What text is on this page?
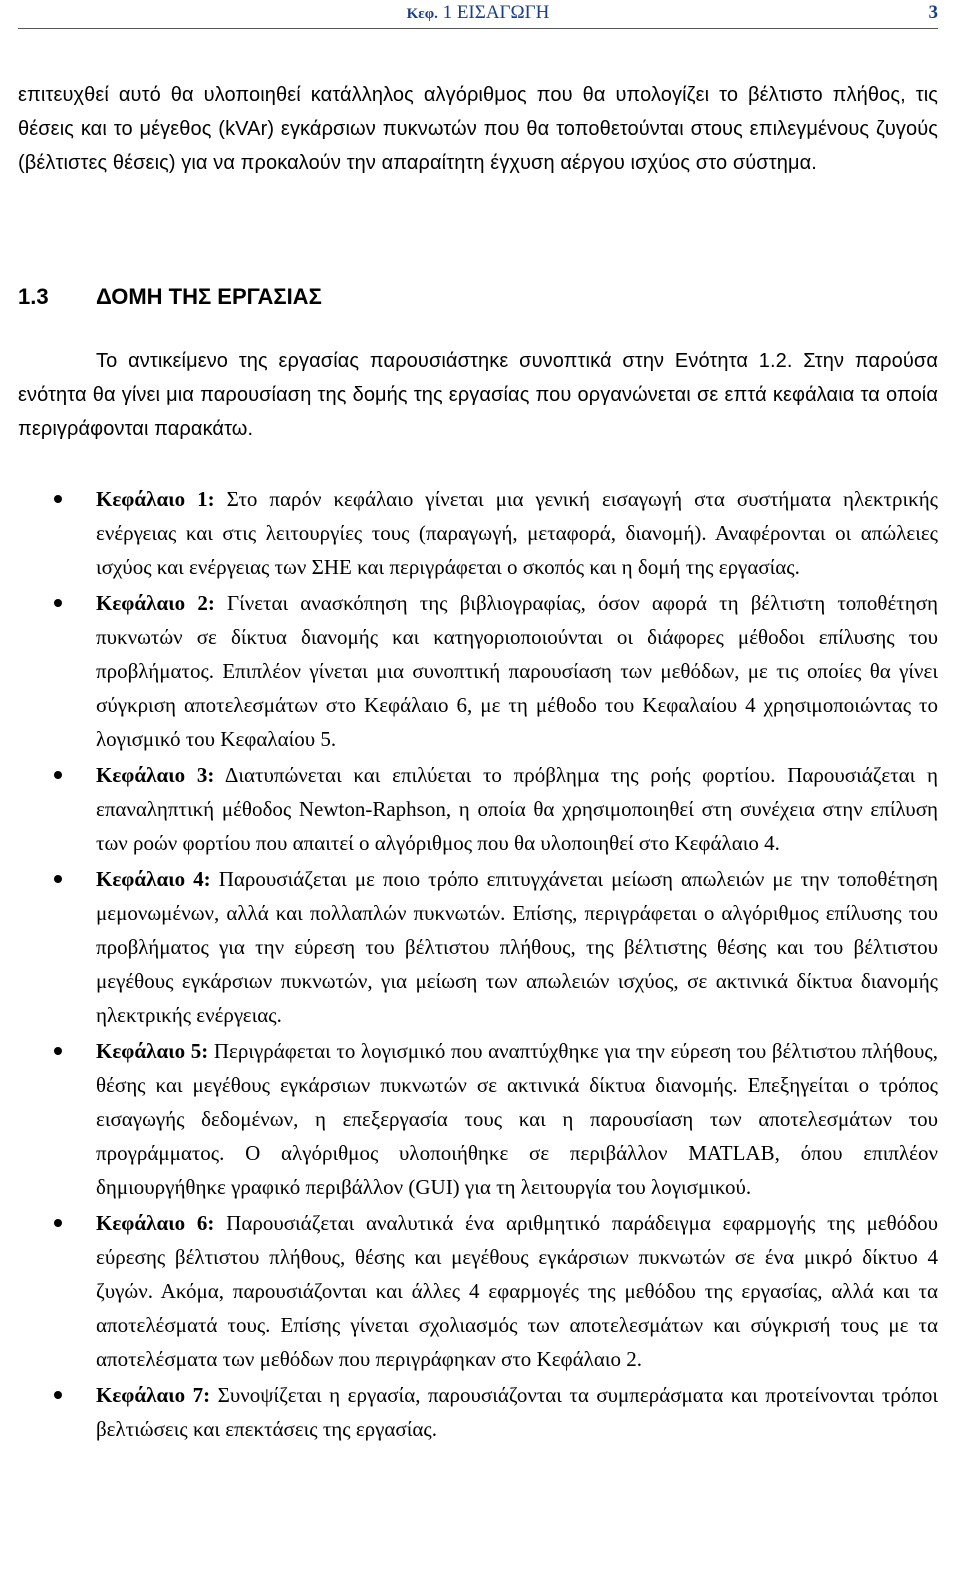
Κεφ. 1 ΕΙΣΑΓΩΓΗ	3

επιτευχθεί αυτό θα υλοποιηθεί κατάλληλος αλγόριθμος που θα υπολογίζει το βέλτιστο πλήθος, τις θέσεις και το μέγεθος (kVAr) εγκάρσιων πυκνωτών που θα τοποθετούνται στους επιλεγμένους ζυγούς (βέλτιστες θέσεις) για να προκαλούν την απαραίτητη έγχυση αέργου ισχύος στο σύστημα.

1.3 ΔΟΜΗ ΤΗΣ ΕΡΓΑΣΙΑΣ

Το αντικείμενο της εργασίας παρουσιάστηκε συνοπτικά στην Ενότητα 1.2. Στην παρούσα ενότητα θα γίνει μια παρουσίαση της δομής της εργασίας που οργανώνεται σε επτά κεφάλαια τα οποία περιγράφονται παρακάτω.

Κεφάλαιο 1: Στο παρόν κεφάλαιο γίνεται μια γενική εισαγωγή στα συστήματα ηλεκτρικής ενέργειας και στις λειτουργίες τους (παραγωγή, μεταφορά, διανομή). Αναφέρονται οι απώλειες ισχύος και ενέργειας των ΣΗΕ και περιγράφεται ο σκοπός και η δομή της εργασίας.
Κεφάλαιο 2: Γίνεται ανασκόπηση της βιβλιογραφίας, όσον αφορά τη βέλτιστη τοποθέτηση πυκνωτών σε δίκτυα διανομής και κατηγοριοποιούνται οι διάφορες μέθοδοι επίλυσης του προβλήματος. Επιπλέον γίνεται μια συνοπτική παρουσίαση των μεθόδων, με τις οποίες θα γίνει σύγκριση αποτελεσμάτων στο Κεφάλαιο 6, με τη μέθοδο του Κεφαλαίου 4 χρησιμοποιώντας το λογισμικό του Κεφαλαίου 5.
Κεφάλαιο 3: Διατυπώνεται και επιλύεται το πρόβλημα της ροής φορτίου. Παρουσιάζεται η επαναληπτική μέθοδος Newton-Raphson, η οποία θα χρησιμοποιηθεί στη συνέχεια στην επίλυση των ροών φορτίου που απαιτεί ο αλγόριθμος που θα υλοποιηθεί στο Κεφάλαιο 4.
Κεφάλαιο 4: Παρουσιάζεται με ποιο τρόπο επιτυγχάνεται μείωση απωλειών με την τοποθέτηση μεμονωμένων, αλλά και πολλαπλών πυκνωτών. Επίσης, περιγράφεται ο αλγόριθμος επίλυσης του προβλήματος για την εύρεση του βέλτιστου πλήθους, της βέλτιστης θέσης και του βέλτιστου μεγέθους εγκάρσιων πυκνωτών, για μείωση των απωλειών ισχύος, σε ακτινικά δίκτυα διανομής ηλεκτρικής ενέργειας.
Κεφάλαιο 5: Περιγράφεται το λογισμικό που αναπτύχθηκε για την εύρεση του βέλτιστου πλήθους, θέσης και μεγέθους εγκάρσιων πυκνωτών σε ακτινικά δίκτυα διανομής. Επεξηγείται ο τρόπος εισαγωγής δεδομένων, η επεξεργασία τους και η παρουσίαση των αποτελεσμάτων του προγράμματος. Ο αλγόριθμος υλοποιήθηκε σε περιβάλλον MATLAB, όπου επιπλέον δημιουργήθηκε γραφικό περιβάλλον (GUI) για τη λειτουργία του λογισμικού.
Κεφάλαιο 6: Παρουσιάζεται αναλυτικά ένα αριθμητικό παράδειγμα εφαρμογής της μεθόδου εύρεσης βέλτιστου πλήθους, θέσης και μεγέθους εγκάρσιων πυκνωτών σε ένα μικρό δίκτυο 4 ζυγών. Ακόμα, παρουσιάζονται και άλλες 4 εφαρμογές της μεθόδου της εργασίας, αλλά και τα αποτελέσματά τους. Επίσης γίνεται σχολιασμός των αποτελεσμάτων και σύγκρισή τους με τα αποτελέσματα των μεθόδων που περιγράφηκαν στο Κεφάλαιο 2.
Κεφάλαιο 7: Συνοψίζεται η εργασία, παρουσιάζονται τα συμπεράσματα και προτείνονται τρόποι βελτιώσεις και επεκτάσεις της εργασίας.
